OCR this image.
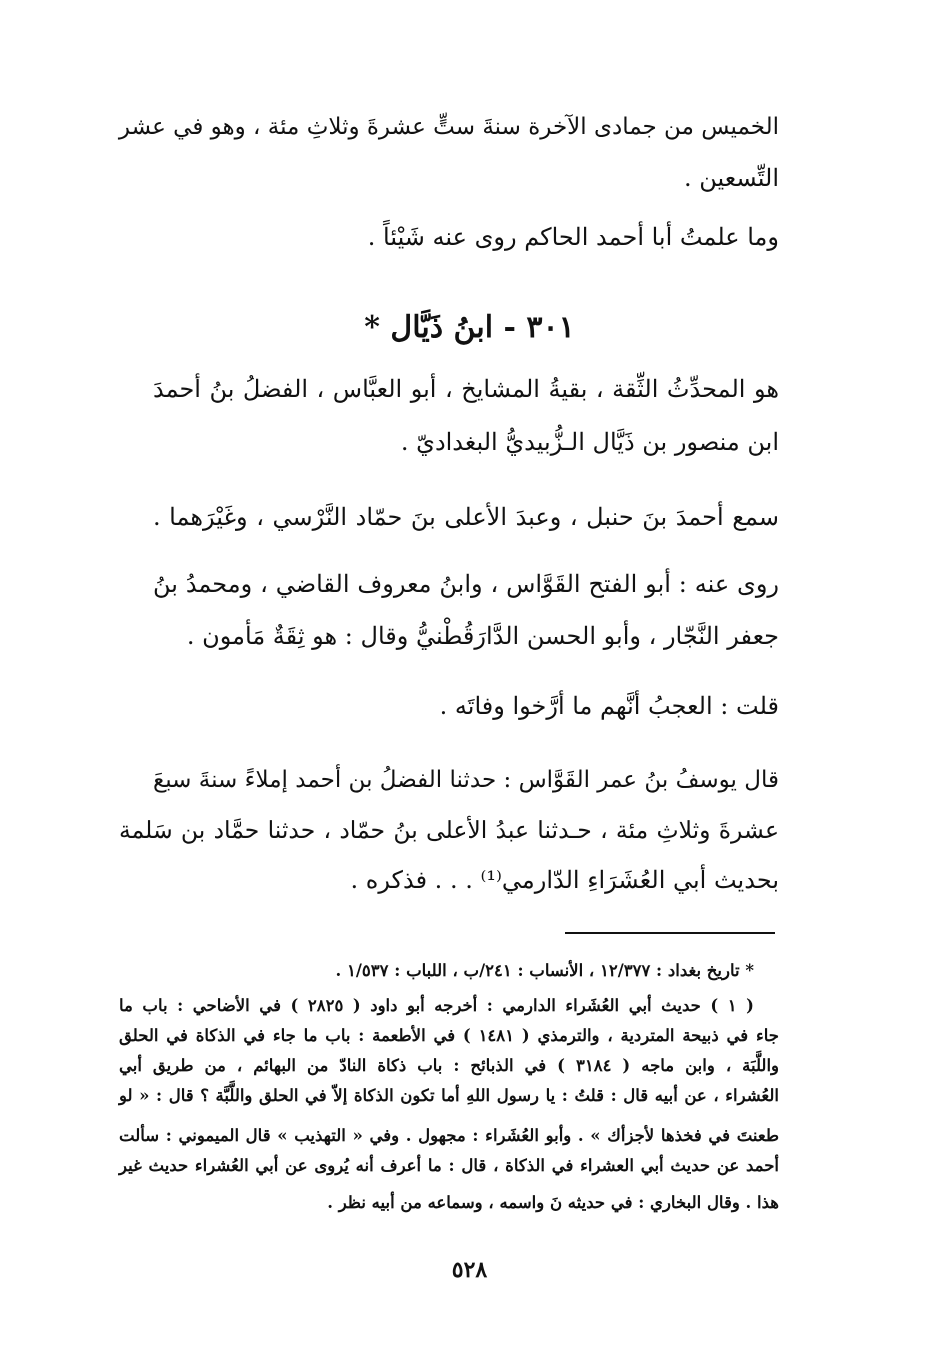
الخميس من جمادى الآخرة سنةَ ستٍّ عشرةَ وثلاثِ مئة ، وهو في عشر

التِّسعين .

وما علمتُ أبا أحمد الحاكم روى عنه شَيْئاً .

٣٠١ - ابنُ ذَيَّال *

هو المحدِّثُ الثِّقة ، بقيةُ المشايخ ، أبو العبَّاس ، الفضلُ بنُ أحمدَ

ابن منصور بن ذَيَّال الـزُّبيديُّ البغداديّ .

سمع أحمدَ بنَ حنبل ، وعبدَ الأعلى بنَ حمّاد النَّرْسي ، وغَيْرَهما .

روى عنه : أبو الفتح القَوَّاس ، وابنُ معروف القاضي ، ومحمدُ بنُ

جعفر النَّجّار ، وأبو الحسن الدَّارَقُطْنيُّ وقال : هو ثِقَةٌ مَأمون .

قلت : العجبُ أنَّهم ما أرَّخوا وفاتَه .

قال يوسفُ بنُ عمر القَوَّاس : حدثنا الفضلُ بن أحمد إملاءً سنةَ سبعَ

عشرةَ وثلاثِ مئة ، حـدثنا عبدُ الأعلى بنُ حمّاد ، حدثنا حمَّاد بن سَلمة

بحديث أبي العُشَرَاءِ الدّارمي⁽¹⁾ . . . فذكره .

* تاريخ بغداد : ١٢/٣٧٧ ، الأنساب : ٢٤١/ب ، اللباب : ١/٥٣٧ .

( ١ ) حديث أبي العُشَراء الدارمي : أخرجه أبو داود ( ٢٨٢٥ ) في الأضاحي : باب ما

جاء في ذبيحة المتردية ، والترمذي ( ١٤٨١ ) في الأطعمة : باب ما جاء في الذكاة في الحلق

واللَّبَة ، وابن ماجه ( ٣١٨٤ ) في الذبائح : باب ذكاة النادّ من البهائم ، من طريق أبي

العُشراء ، عن أبيه قال : قلتُ : يا رسول اللهِ أما تكون الذكاة إلاّ في الحلق واللَّبَّة ؟ قال : « لو

طعنتَ في فخذها لأجزأك » . وأبو العُشَراء : مجهول . وفي « التهذيب » قال الميموني : سألت

أحمد عن حديث أبي العشراء في الذكاة ، قال : ما أعرف أنه يُروى عن أبي العُشراء حديث غير

هذا . وقال البخاري : في حديثه نَ واسمه ، وسماعه من أبيه نظر .

٥٢٨
